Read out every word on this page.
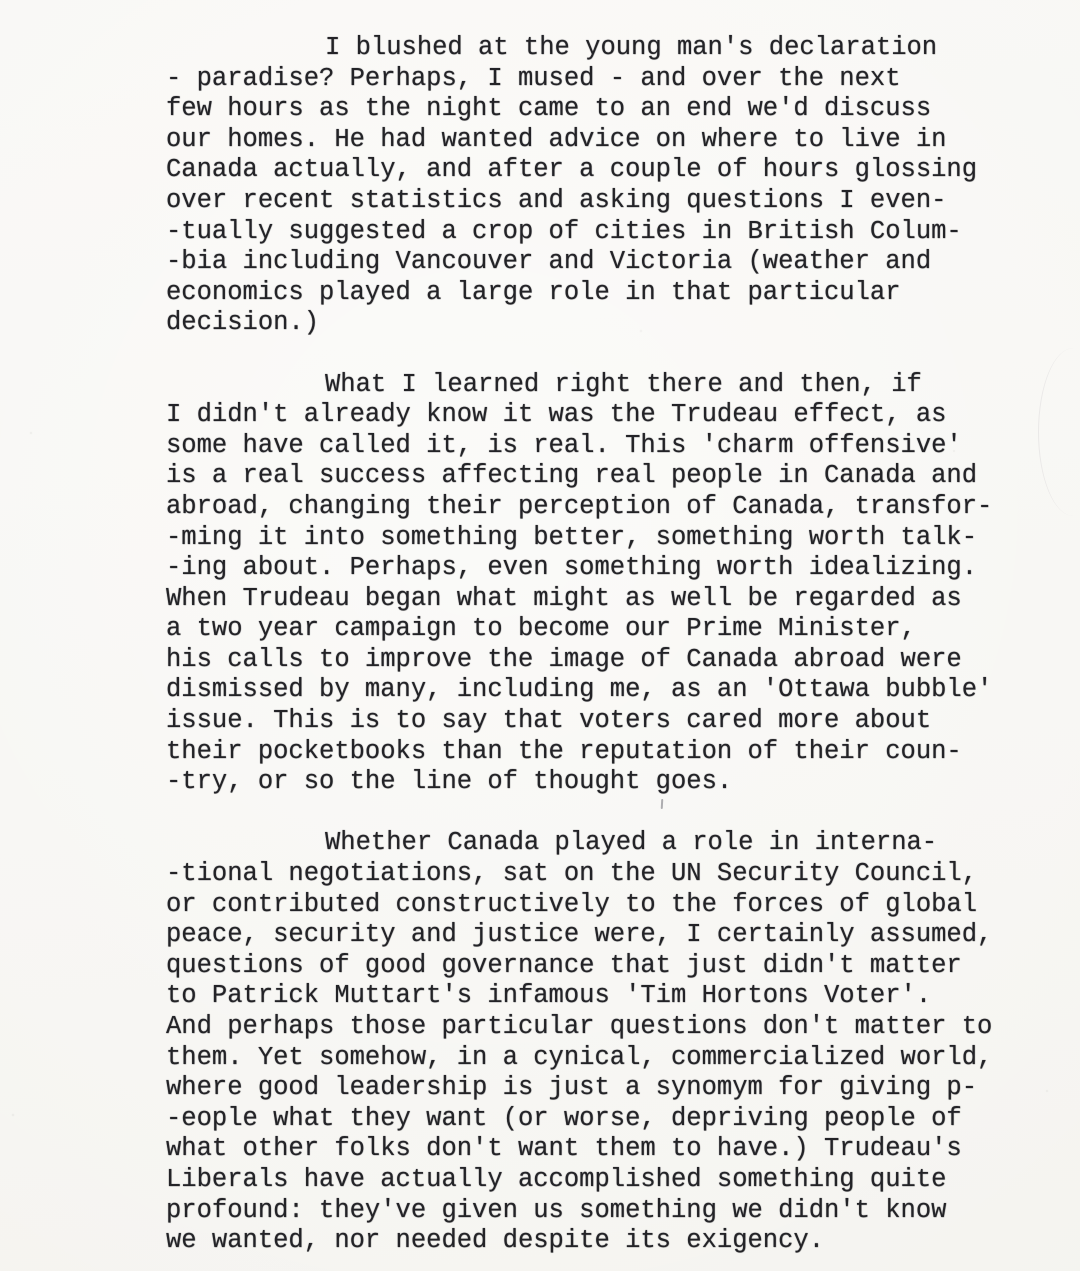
I blushed at the young man's declaration
- paradise? Perhaps, I mused - and over the next
few hours as the night came to an end we'd discuss
our homes. He had wanted advice on where to live in
Canada actually, and after a couple of hours glossing
over recent statistics and asking questions I even-
-tually suggested a crop of cities in British Colum-
-bia including Vancouver and Victoria (weather and
economics played a large role in that particular
decision.)
What I learned right there and then, if
I didn't already know it was the Trudeau effect, as
some have called it, is real. This 'charm offensive'
is a real success affecting real people in Canada and
abroad, changing their perception of Canada, transfor-
-ming it into something better, something worth talk-
-ing about. Perhaps, even something worth idealizing.
When Trudeau began what might as well be regarded as
a two year campaign to become our Prime Minister,
his calls to improve the image of Canada abroad were
dismissed by many, including me, as an 'Ottawa bubble'
issue. This is to say that voters cared more about
their pocketbooks than the reputation of their coun-
-try, or so the line of thought goes.
Whether Canada played a role in interna-
-tional negotiations, sat on the UN Security Council,
or contributed constructively to the forces of global
peace, security and justice were, I certainly assumed,
questions of good governance that just didn't matter
to Patrick Muttart's infamous 'Tim Hortons Voter'.
And perhaps those particular questions don't matter to
them. Yet somehow, in a cynical, commercialized world,
where good leadership is just a synomym for giving p-
-eople what they want (or worse, depriving people of
what other folks don't want them to have.) Trudeau's
Liberals have actually accomplished something quite
profound: they've given us something we didn't know
we wanted, nor needed despite its exigency.
